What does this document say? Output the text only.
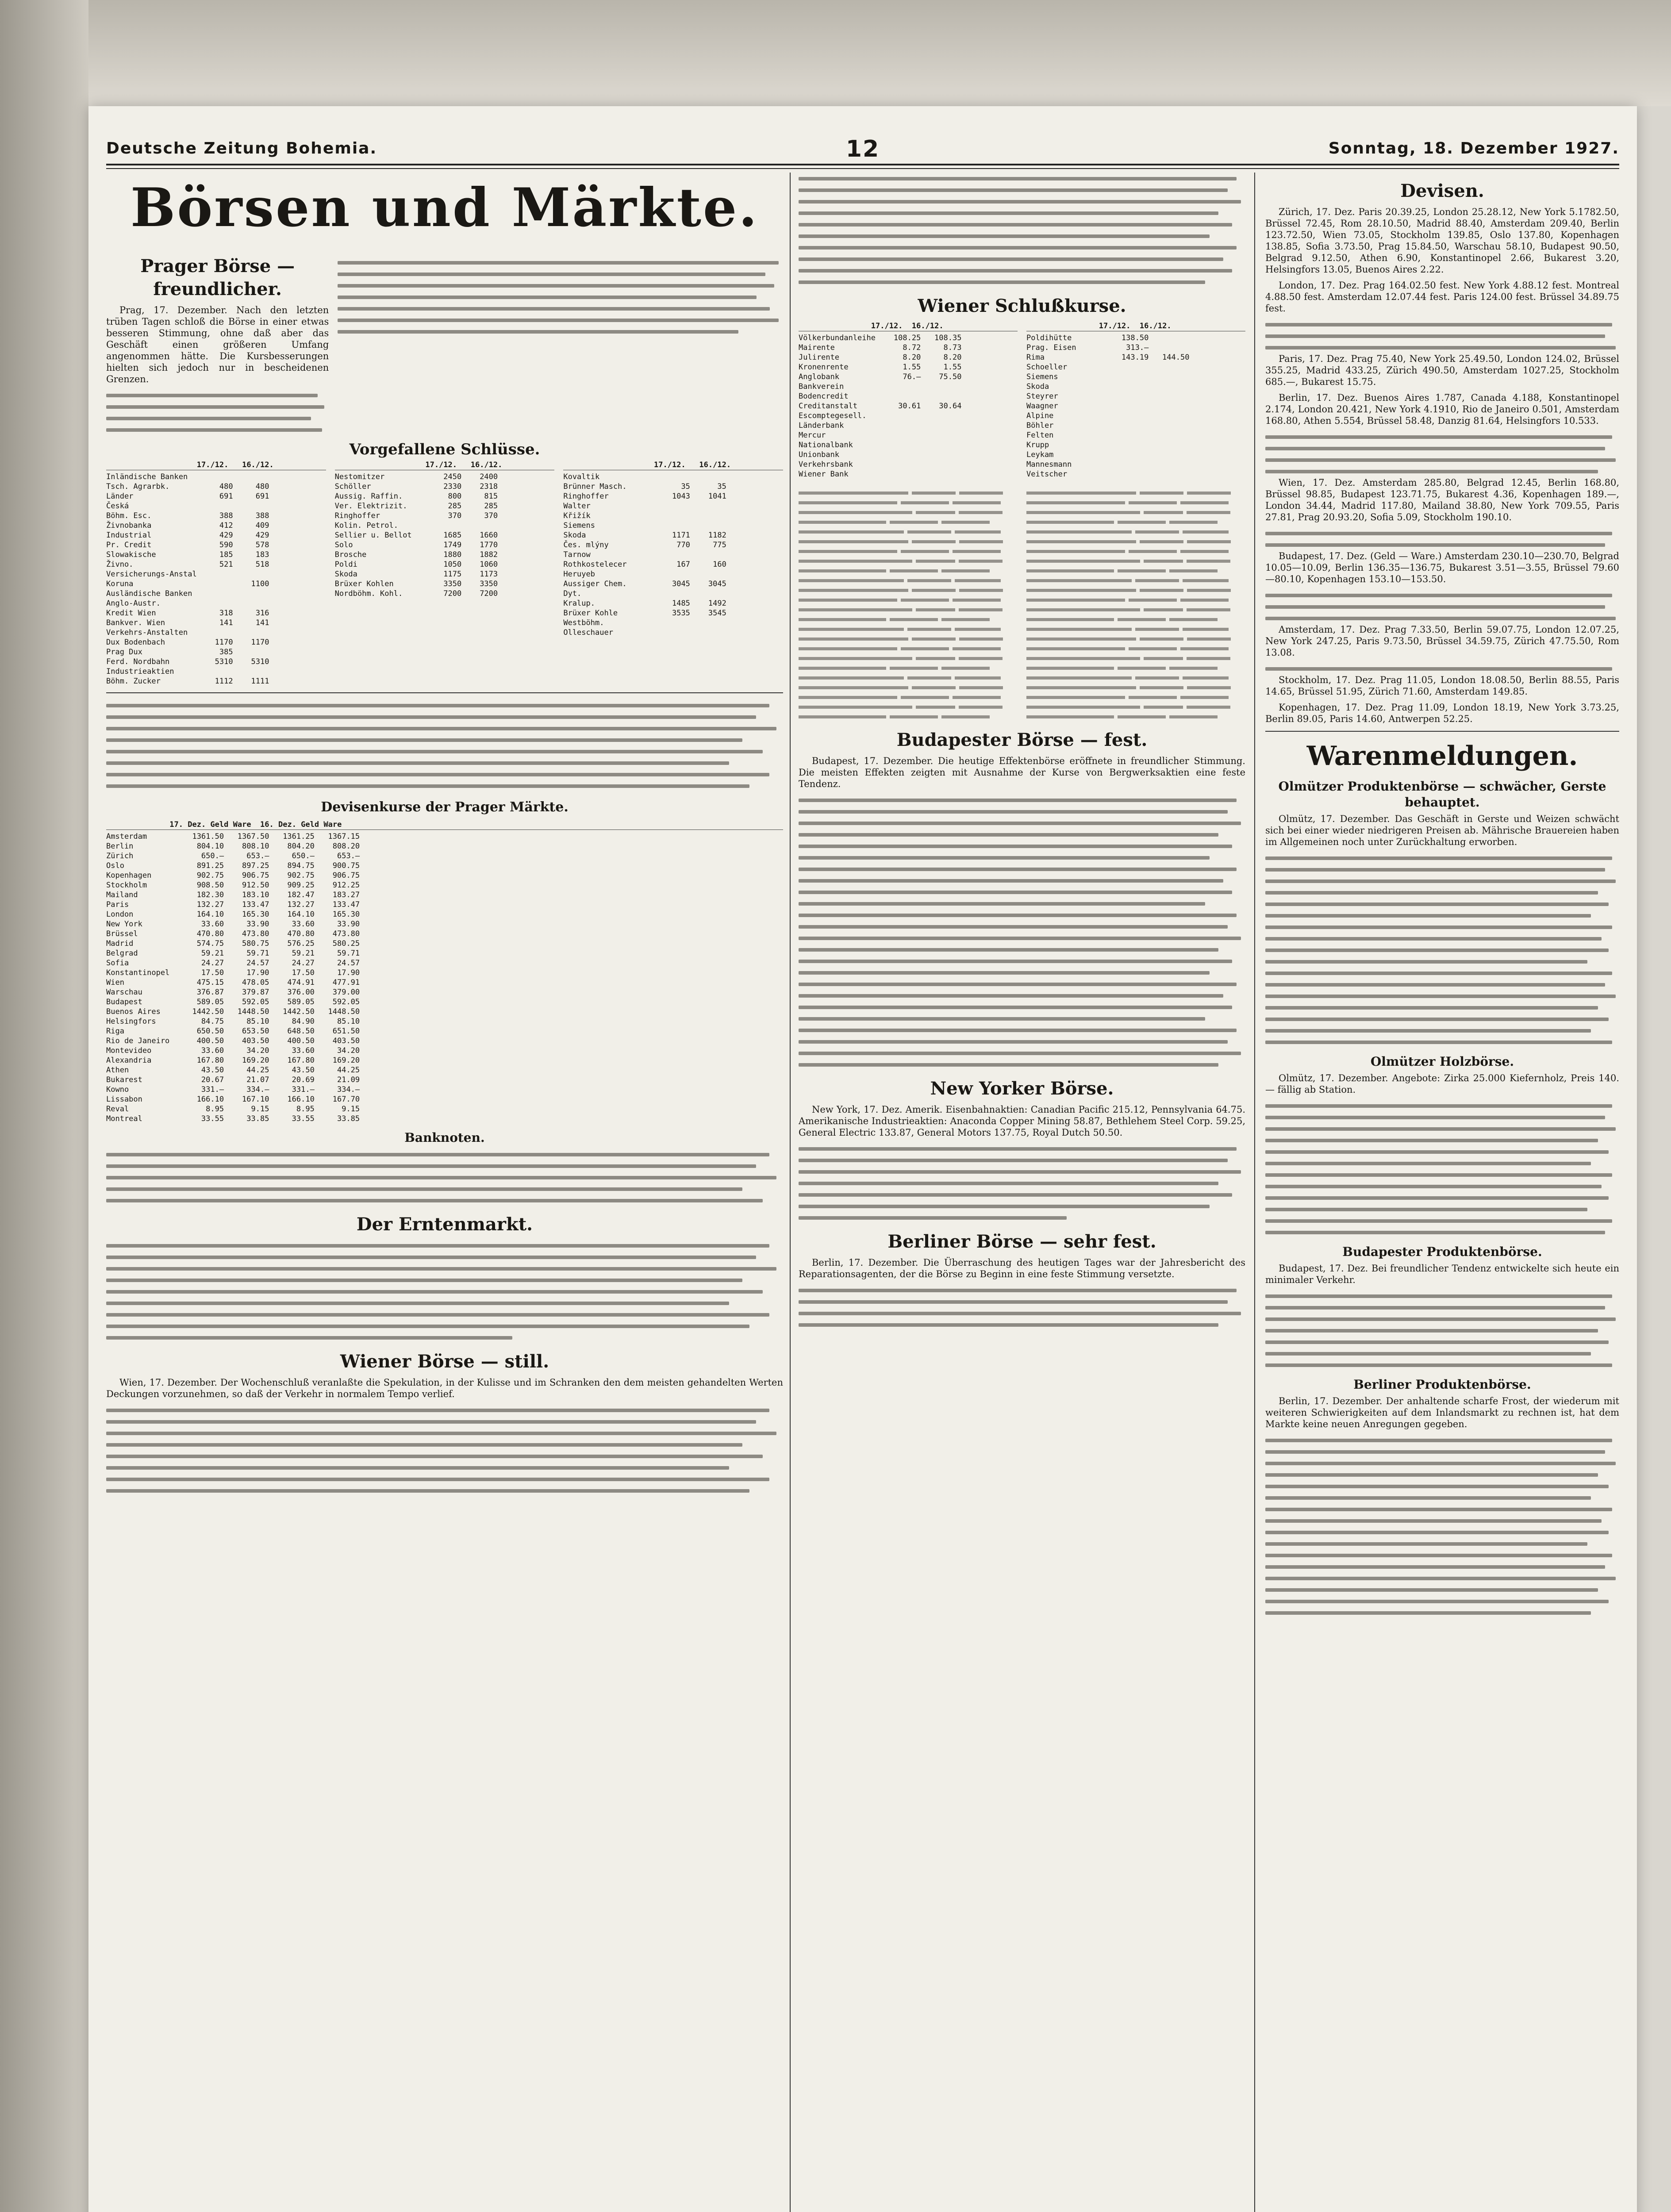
Deutsche Zeitung Bohemia.	12	Sonntag, 18. Dezember 1927.
Börsen und Märkte.
Prager Börse — freundlicher.

Prag, 17. Dezember. Nach den letzten trüben Tagen schloß die Börse in einer etwas besseren Stimmung, ohne daß aber das Geschäft einen größeren Umfang angenommen hätte. Die Kursbesserungen hielten sich jedoch nur in bescheidenen Grenzen.

Vorgefallene Schlüsse.
17./12. 16./12.
Inländische Banken
Tsch. Agrarbk.           480     480
Länder                   691     691
Česká
Böhm. Esc.               388     388
Živnobanka               412     409
Industrial               429     429
Pr. Credit               590     578
Slowakische              185     183
Živno.                   521     518
Versicherungs-Anstal
Koruna                          1100
Ausländische Banken
Anglo-Austr.
Kredit Wien              318     316
Bankver. Wien            141     141
Verkehrs-Anstalten
Dux Bodenbach           1170    1170
Prag Dux                 385
Ferd. Nordbahn          5310    5310
Industrieaktien
Böhm. Zucker            1112    1111
17./12. 16./12.
Nestomitzer             2450    2400
Schöller                2330    2318
Aussig. Raffin.          800     815
Ver. Elektrizit.         285     285
Ringhoffer               370     370
Kolin. Petrol.
Sellier u. Bellot       1685    1660
Solo                    1749    1770
Brosche                 1880    1882
Poldi                   1050    1060
Skoda                   1175    1173
Brüxer Kohlen           3350    3350
Nordböhm. Kohl.         7200    7200
17./12. 16./12.
Kovaltik
Brünner Masch.            35      35
Ringhoffer              1043    1041
Walter
Křižík
Siemens
Skoda                   1171    1182
Čes. mlýny               770     775
Tarnow
Rothkostelecer           167     160
Heruyeb
Aussiger Chem.          3045    3045
Dyt.
Kralup.                 1485    1492
Brüxer Kohle            3535    3545
Westböhm.
Olleschauer
Devisenkurse der Prager Märkte.
17. Dez. Geld Ware 16. Dez. Geld Ware
Amsterdam          1361.50   1367.50   1361.25   1367.15
Berlin              804.10    808.10    804.20    808.20
Zürich               650.—     653.—     650.—     653.—
Oslo                891.25    897.25    894.75    900.75
Kopenhagen          902.75    906.75    902.75    906.75
Stockholm           908.50    912.50    909.25    912.25
Mailand             182.30    183.10    182.47    183.27
Paris               132.27    133.47    132.27    133.47
London              164.10    165.30    164.10    165.30
New York             33.60     33.90     33.60     33.90
Brüssel             470.80    473.80    470.80    473.80
Madrid              574.75    580.75    576.25    580.25
Belgrad              59.21     59.71     59.21     59.71
Sofia                24.27     24.57     24.27     24.57
Konstantinopel       17.50     17.90     17.50     17.90
Wien                475.15    478.05    474.91    477.91
Warschau            376.87    379.87    376.00    379.00
Budapest            589.05    592.05    589.05    592.05
Buenos Aires       1442.50   1448.50   1442.50   1448.50
Helsingfors          84.75     85.10     84.90     85.10
Riga                650.50    653.50    648.50    651.50
Rio de Janeiro      400.50    403.50    400.50    403.50
Montevideo           33.60     34.20     33.60     34.20
Alexandria          167.80    169.20    167.80    169.20
Athen                43.50     44.25     43.50     44.25
Bukarest             20.67     21.07     20.69     21.09
Kowno                331.—     334.—     331.—     334.—
Lissabon            166.10    167.10    166.10    167.70
Reval                 8.95      9.15      8.95      9.15
Montreal             33.55     33.85     33.55     33.85
Banknoten.
Der Erntenmarkt.
Wiener Börse — still.

Wien, 17. Dezember. Der Wochenschluß veranlaßte die Spekulation, in der Kulisse und im Schranken den dem meisten gehandelten Werten Deckungen vorzunehmen, so daß der Verkehr in normalem Tempo verlief.

Wiener Schlußkurse.
17./12. 16./12.
Völkerbundanleihe    108.25   108.35
Mairente               8.72     8.73
Julirente              8.20     8.20
Kronenrente            1.55     1.55
Anglobank              76.—    75.50
Bankverein
Bodencredit
Creditanstalt         30.61    30.64
Escomptegesell.
Länderbank
Mercur
Nationalbank
Unionbank
Verkehrsbank
Wiener Bank
17./12. 16./12.
Poldihütte           138.50
Prag. Eisen           313.—
Rima                 143.19   144.50
Schoeller
Siemens
Skoda
Steyrer
Waagner
Alpine
Böhler
Felten
Krupp
Leykam
Mannesmann
Veitscher
Budapester Börse — fest.

Budapest, 17. Dezember. Die heutige Effektenbörse eröffnete in freundlicher Stimmung. Die meisten Effekten zeigten mit Ausnahme der Kurse von Bergwerksaktien eine feste Tendenz.

New Yorker Börse.

New York, 17. Dez. Amerik. Eisenbahnaktien: Canadian Pacific 215.12, Pennsylvania 64.75. Amerikanische Industrieaktien: Anaconda Copper Mining 58.87, Bethlehem Steel Corp. 59.25, General Electric 133.87, General Motors 137.75, Royal Dutch 50.50.

Berliner Börse — sehr fest.

Berlin, 17. Dezember. Die Überraschung des heutigen Tages war der Jahresbericht des Reparationsagenten, der die Börse zu Beginn in eine feste Stimmung versetzte.

Devisen.

Zürich, 17. Dez. Paris 20.39.25, London 25.28.12, New York 5.1782.50, Brüssel 72.45, Rom 28.10.50, Madrid 88.40, Amsterdam 209.40, Berlin 123.72.50, Wien 73.05, Stockholm 139.85, Oslo 137.80, Kopenhagen 138.85, Sofia 3.73.50, Prag 15.84.50, Warschau 58.10, Budapest 90.50, Belgrad 9.12.50, Athen 6.90, Konstantinopel 2.66, Bukarest 3.20, Helsingfors 13.05, Buenos Aires 2.22.

London, 17. Dez. Prag 164.02.50 fest. New York 4.88.12 fest. Montreal 4.88.50 fest. Amsterdam 12.07.44 fest. Paris 124.00 fest. Brüssel 34.89.75 fest.

Paris, 17. Dez. Prag 75.40, New York 25.49.50, London 124.02, Brüssel 355.25, Madrid 433.25, Zürich 490.50, Amsterdam 1027.25, Stockholm 685.—, Bukarest 15.75.

Berlin, 17. Dez. Buenos Aires 1.787, Canada 4.188, Konstantinopel 2.174, London 20.421, New York 4.1910, Rio de Janeiro 0.501, Amsterdam 168.80, Athen 5.554, Brüssel 58.48, Danzig 81.64, Helsingfors 10.533.

Wien, 17. Dez. Amsterdam 285.80, Belgrad 12.45, Berlin 168.80, Brüssel 98.85, Budapest 123.71.75, Bukarest 4.36, Kopenhagen 189.—, London 34.44, Madrid 117.80, Mailand 38.80, New York 709.55, Paris 27.81, Prag 20.93.20, Sofia 5.09, Stockholm 190.10.

Budapest, 17. Dez. (Geld — Ware.) Amsterdam 230.10—230.70, Belgrad 10.05—10.09, Berlin 136.35—136.75, Bukarest 3.51—3.55, Brüssel 79.60—80.10, Kopenhagen 153.10—153.50.

Amsterdam, 17. Dez. Prag 7.33.50, Berlin 59.07.75, London 12.07.25, New York 247.25, Paris 9.73.50, Brüssel 34.59.75, Zürich 47.75.50, Rom 13.08.

Stockholm, 17. Dez. Prag 11.05, London 18.08.50, Berlin 88.55, Paris 14.65, Brüssel 51.95, Zürich 71.60, Amsterdam 149.85.

Kopenhagen, 17. Dez. Prag 11.09, London 18.19, New York 3.73.25, Berlin 89.05, Paris 14.60, Antwerpen 52.25.

Warenmeldungen.
Olmützer Produktenbörse — schwächer, Gerste behauptet.

Olmütz, 17. Dezember. Das Geschäft in Gerste und Weizen schwächt sich bei einer wieder niedrigeren Preisen ab. Mährische Brauereien haben im Allgemeinen noch unter Zurückhaltung erworben.

Olmützer Holzbörse.

Olmütz, 17. Dezember. Angebote: Zirka 25.000 Kiefernholz, Preis 140.— fällig ab Station.

Budapester Produktenbörse.

Budapest, 17. Dez. Bei freundlicher Tendenz entwickelte sich heute ein minimaler Verkehr.

Berliner Produktenbörse.

Berlin, 17. Dezember. Der anhaltende scharfe Frost, der wiederum mit weiteren Schwierigkeiten auf dem Inlandsmarkt zu rechnen ist, hat dem Markte keine neuen Anregungen gegeben.
